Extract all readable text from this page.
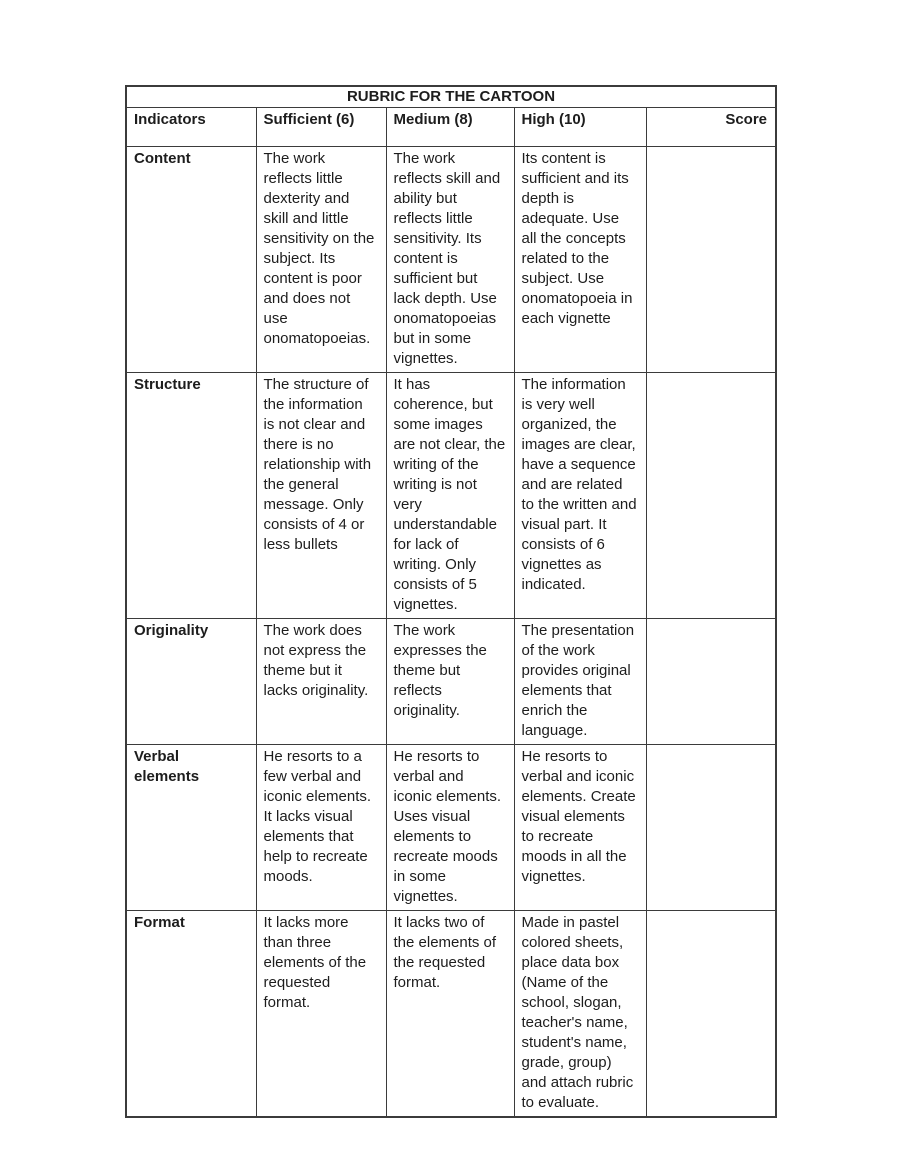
RUBRIC FOR THE CARTOON				
Indicators	Sufficient (6)	Medium (8)	High (10)	Score
Content	The work reflects little dexterity and skill and little sensitivity on the subject. Its content is poor and does not use onomatopoeias.	The work reflects skill and ability but reflects little sensitivity. Its content is sufficient but lack depth. Use onomatopoeias but in some vignettes.	Its content is sufficient and its depth is adequate. Use all the concepts related to the subject. Use onomatopoeia in each vignette	
Structure	The structure of the information is not clear and there is no relationship with the general message. Only consists of 4 or less bullets	It has coherence, but some images are not clear, the writing of the writing is not very understandable for lack of writing. Only consists of 5 vignettes.	The information is very well organized, the images are clear, have a sequence and are related to the written and visual part. It consists of 6 vignettes as indicated.	
Originality	The work does not express the theme but it lacks originality.	The work expresses the theme but reflects originality.	The presentation of the work provides original elements that enrich the language.	
Verbal elements	He resorts to a few verbal and iconic elements. It lacks visual elements that help to recreate moods.	He resorts to verbal and iconic elements. Uses visual elements to recreate moods in some vignettes.	He resorts to verbal and iconic elements. Create visual elements to recreate moods in all the vignettes.	
Format	It lacks more than three elements of the requested format.	It lacks two of the elements of the requested format.	Made in pastel colored sheets, place data box (Name of the school, slogan, teacher's name, student's name, grade, group) and attach rubric to evaluate.	
